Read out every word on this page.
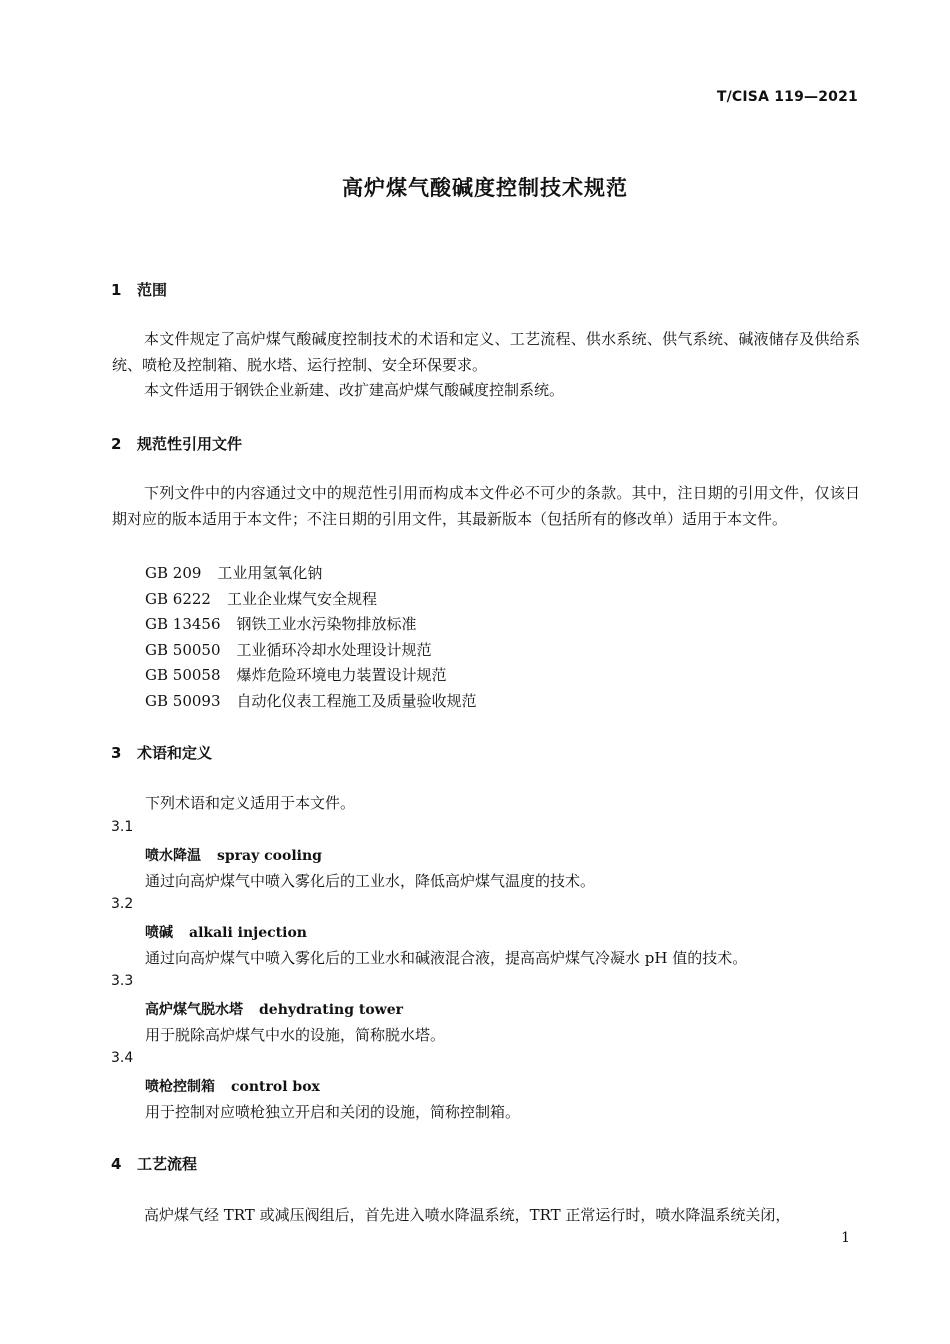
T/CISA 119—2021
高炉煤气酸碱度控制技术规范
1 范围
本文件规定了高炉煤气酸碱度控制技术的术语和定义、工艺流程、供水系统、供气系统、碱液储存及供给系统、喷枪及控制箱、脱水塔、运行控制、安全环保要求。
本文件适用于钢铁企业新建、改扩建高炉煤气酸碱度控制系统。
2 规范性引用文件
下列文件中的内容通过文中的规范性引用而构成本文件必不可少的条款。其中，注日期的引用文件，仅该日期对应的版本适用于本文件；不注日期的引用文件，其最新版本（包括所有的修改单）适用于本文件。
GB 209 工业用氢氧化钠
GB 6222 工业企业煤气安全规程
GB 13456 钢铁工业水污染物排放标准
GB 50050 工业循环冷却水处理设计规范
GB 50058 爆炸危险环境电力装置设计规范
GB 50093 自动化仪表工程施工及质量验收规范
3 术语和定义
下列术语和定义适用于本文件。
3.1
喷水降温 spray cooling
通过向高炉煤气中喷入雾化后的工业水，降低高炉煤气温度的技术。
3.2
喷碱 alkali injection
通过向高炉煤气中喷入雾化后的工业水和碱液混合液，提高高炉煤气冷凝水 pH 值的技术。
3.3
高炉煤气脱水塔 dehydrating tower
用于脱除高炉煤气中水的设施，简称脱水塔。
3.4
喷枪控制箱 control box
用于控制对应喷枪独立开启和关闭的设施，简称控制箱。
4 工艺流程
高炉煤气经 TRT 或减压阀组后，首先进入喷水降温系统，TRT 正常运行时，喷水降温系统关闭，
1
